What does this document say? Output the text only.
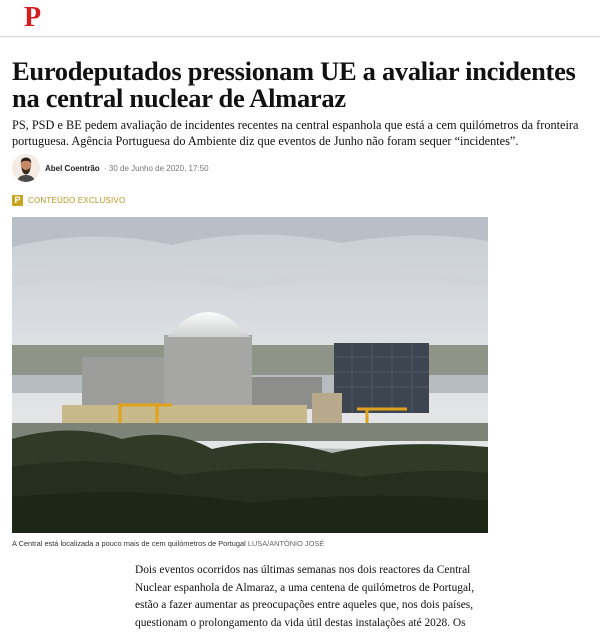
P
Eurodeputados pressionam UE a avaliar incidentes na central nuclear de Almaraz

PS, PSD e BE pedem avaliação de incidentes recentes na central espanhola que está a cem quilómetros da fronteira portuguesa. Agência Portuguesa do Ambiente diz que eventos de Junho não foram sequer “incidentes”.

Abel Coentrão · 30 de Junho de 2020, 17:50
P CONTEÚDO EXCLUSIVO
A Central está localizada a pouco mais de cem quilómetros de Portugal LUSA/ANTÓNIO JOSÉ

Dois eventos ocorridos nas últimas semanas nos dois reactores da Central
Nuclear espanhola de Almaraz, a uma centena de quilómetros de Portugal,
estão a fazer aumentar as preocupações entre aqueles que, nos dois países,
questionam o prolongamento da vida útil destas instalações até 2028. Os
